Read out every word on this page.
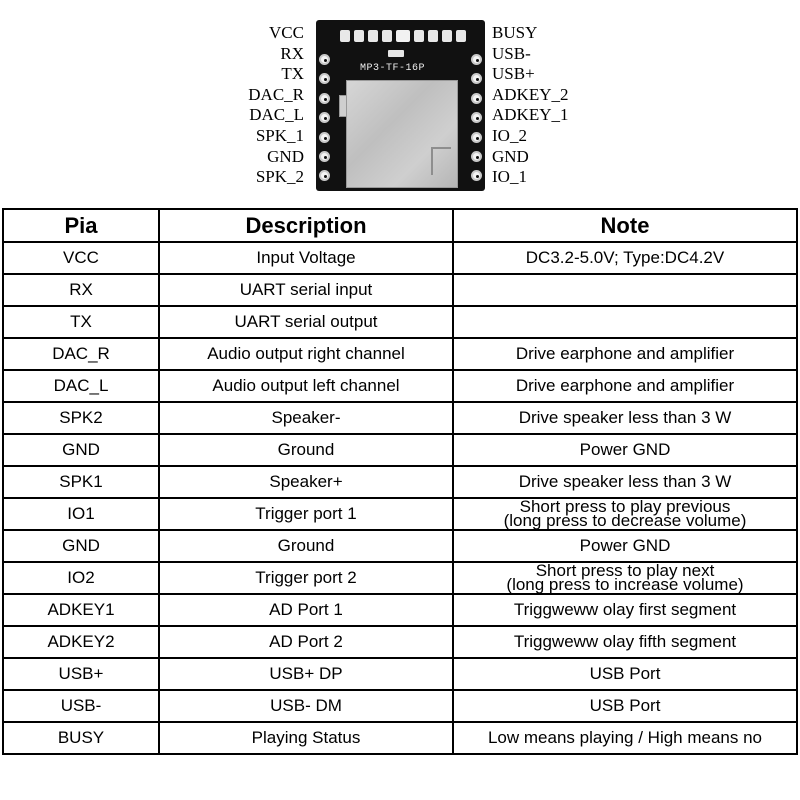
VCC
RX
TX
DAC_R
DAC_L
SPK_1
GND
SPK_2
MP3-TF-16P
BUSY
USB-
USB+
ADKEY_2
ADKEY_1
IO_2
GND
IO_1
Pia	Description	Note
VCC	Input Voltage	DC3.2-5.0V; Type:DC4.2V
RX	UART serial input	
TX	UART serial output	
DAC_R	Audio output right channel	Drive earphone and amplifier
DAC_L	Audio output left channel	Drive earphone and amplifier
SPK2	Speaker-	Drive speaker less than 3 W
GND	Ground	Power GND
SPK1	Speaker+	Drive speaker less than 3 W
IO1	Trigger port 1	Short press to play previous
(long press to decrease volume)

GND	Ground	Power GND
IO2	Trigger port 2	Short press to play next
(long press to increase volume)

ADKEY1	AD Port 1	Triggweww olay first segment
ADKEY2	AD Port 2	Triggweww olay fifth segment
USB+	USB+ DP	USB Port
USB-	USB- DM	USB Port
BUSY	Playing Status	Low means playing / High means no
